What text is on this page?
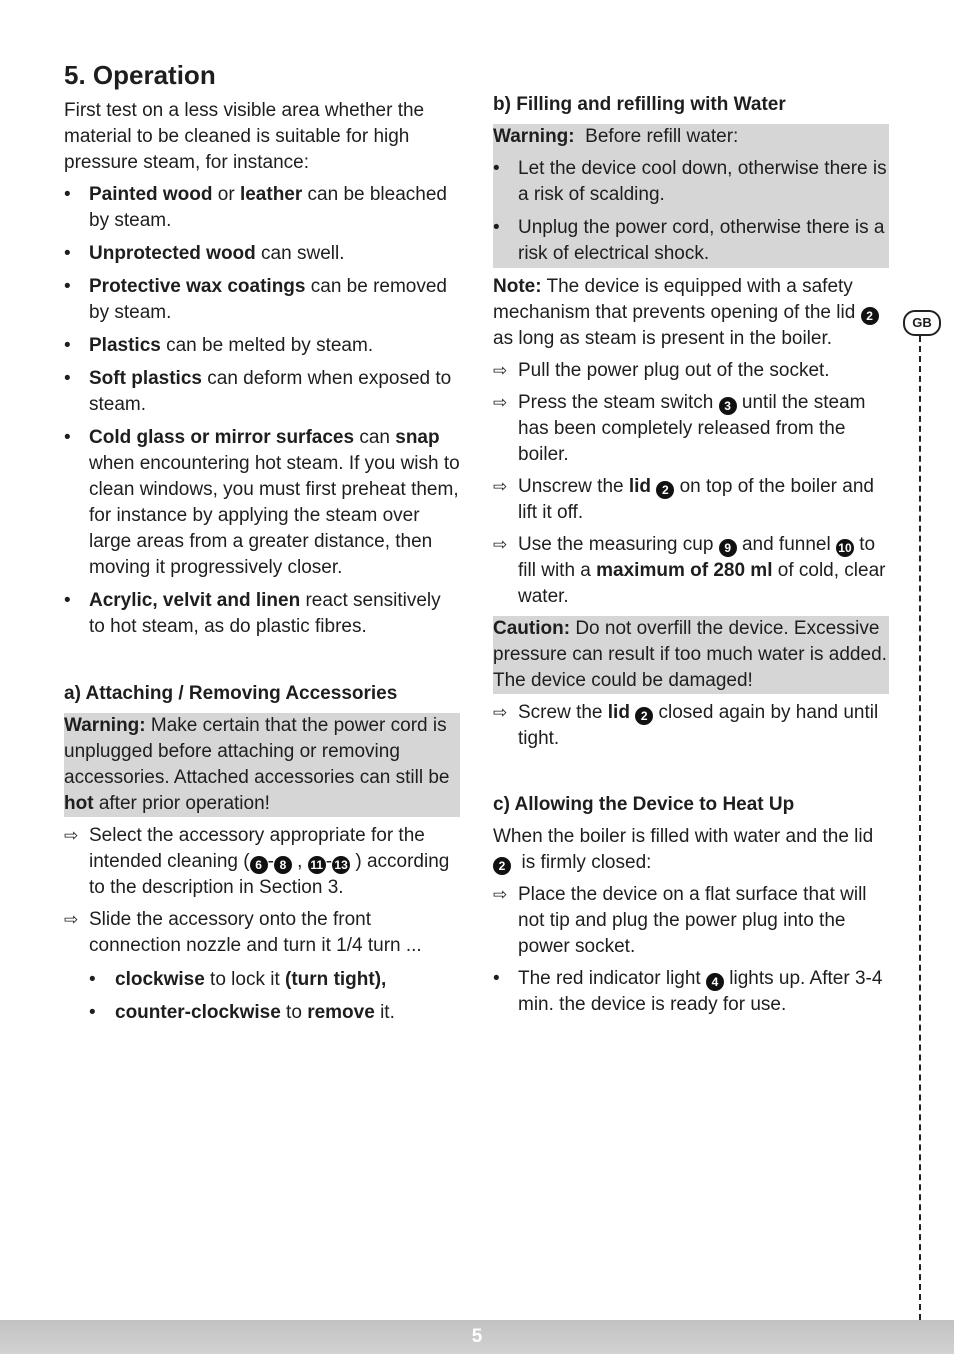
5. Operation

First test on a less visible area whether the material to be cleaned is suitable for high pressure steam, for instance:

• Painted wood or leather can be bleached by steam.
• Unprotected wood can swell.
• Protective wax coatings can be removed by steam.
• Plastics can be melted by steam.
• Soft plastics can deform when exposed to steam.
• Cold glass or mirror surfaces can snap when encountering hot steam. If you wish to clean windows, you must first preheat them, for instance by applying the steam over large areas from a greater distance, then moving it progressively closer.
• Acrylic, velvit and linen react sensitively to hot steam, as do plastic fibres.
a) Attaching / Removing Accessories

Warning: Make certain that the power cord is unplugged before attaching or removing accessories. Attached accessories can still be hot after prior operation!

⇨ Select the accessory appropriate for the intended cleaning ( 6 - 8 , 11 - 13 ) according to the description in Section 3.
⇨ Slide the accessory onto the front connection nozzle and turn it 1/4 turn ...
• clockwise to lock it (turn tight),
• counter-clockwise to remove it.
b) Filling and refilling with Water

Warning:  Before refill water:

• Let the device cool down, otherwise there is a risk of scalding.
• Unplug the power cord, otherwise there is a risk of electrical shock.

Note: The device is equipped with a safety mechanism that prevents opening of the lid 2 as long as steam is present in the boiler.

⇨ Pull the power plug out of the socket.
⇨ Press the steam switch 3 until the steam has been completely released from the boiler.
⇨ Unscrew the lid 2 on top of the boiler and lift it off.
⇨ Use the measuring cup 9 and funnel 10 to fill with a maximum of 280 ml of cold, clear water.

Caution: Do not overfill the device. Excessive pressure can result if too much water is added. The device could be damaged!

⇨ Screw the lid 2 closed again by hand until tight.
c) Allowing the Device to Heat Up

When the boiler is filled with water and the lid 2  is firmly closed:

⇨ Place the device on a flat surface that will not tip and plug the power plug into the power socket.
• The red indicator light 4 lights up. After 3-4 min. the device is ready for use.
GB
5
